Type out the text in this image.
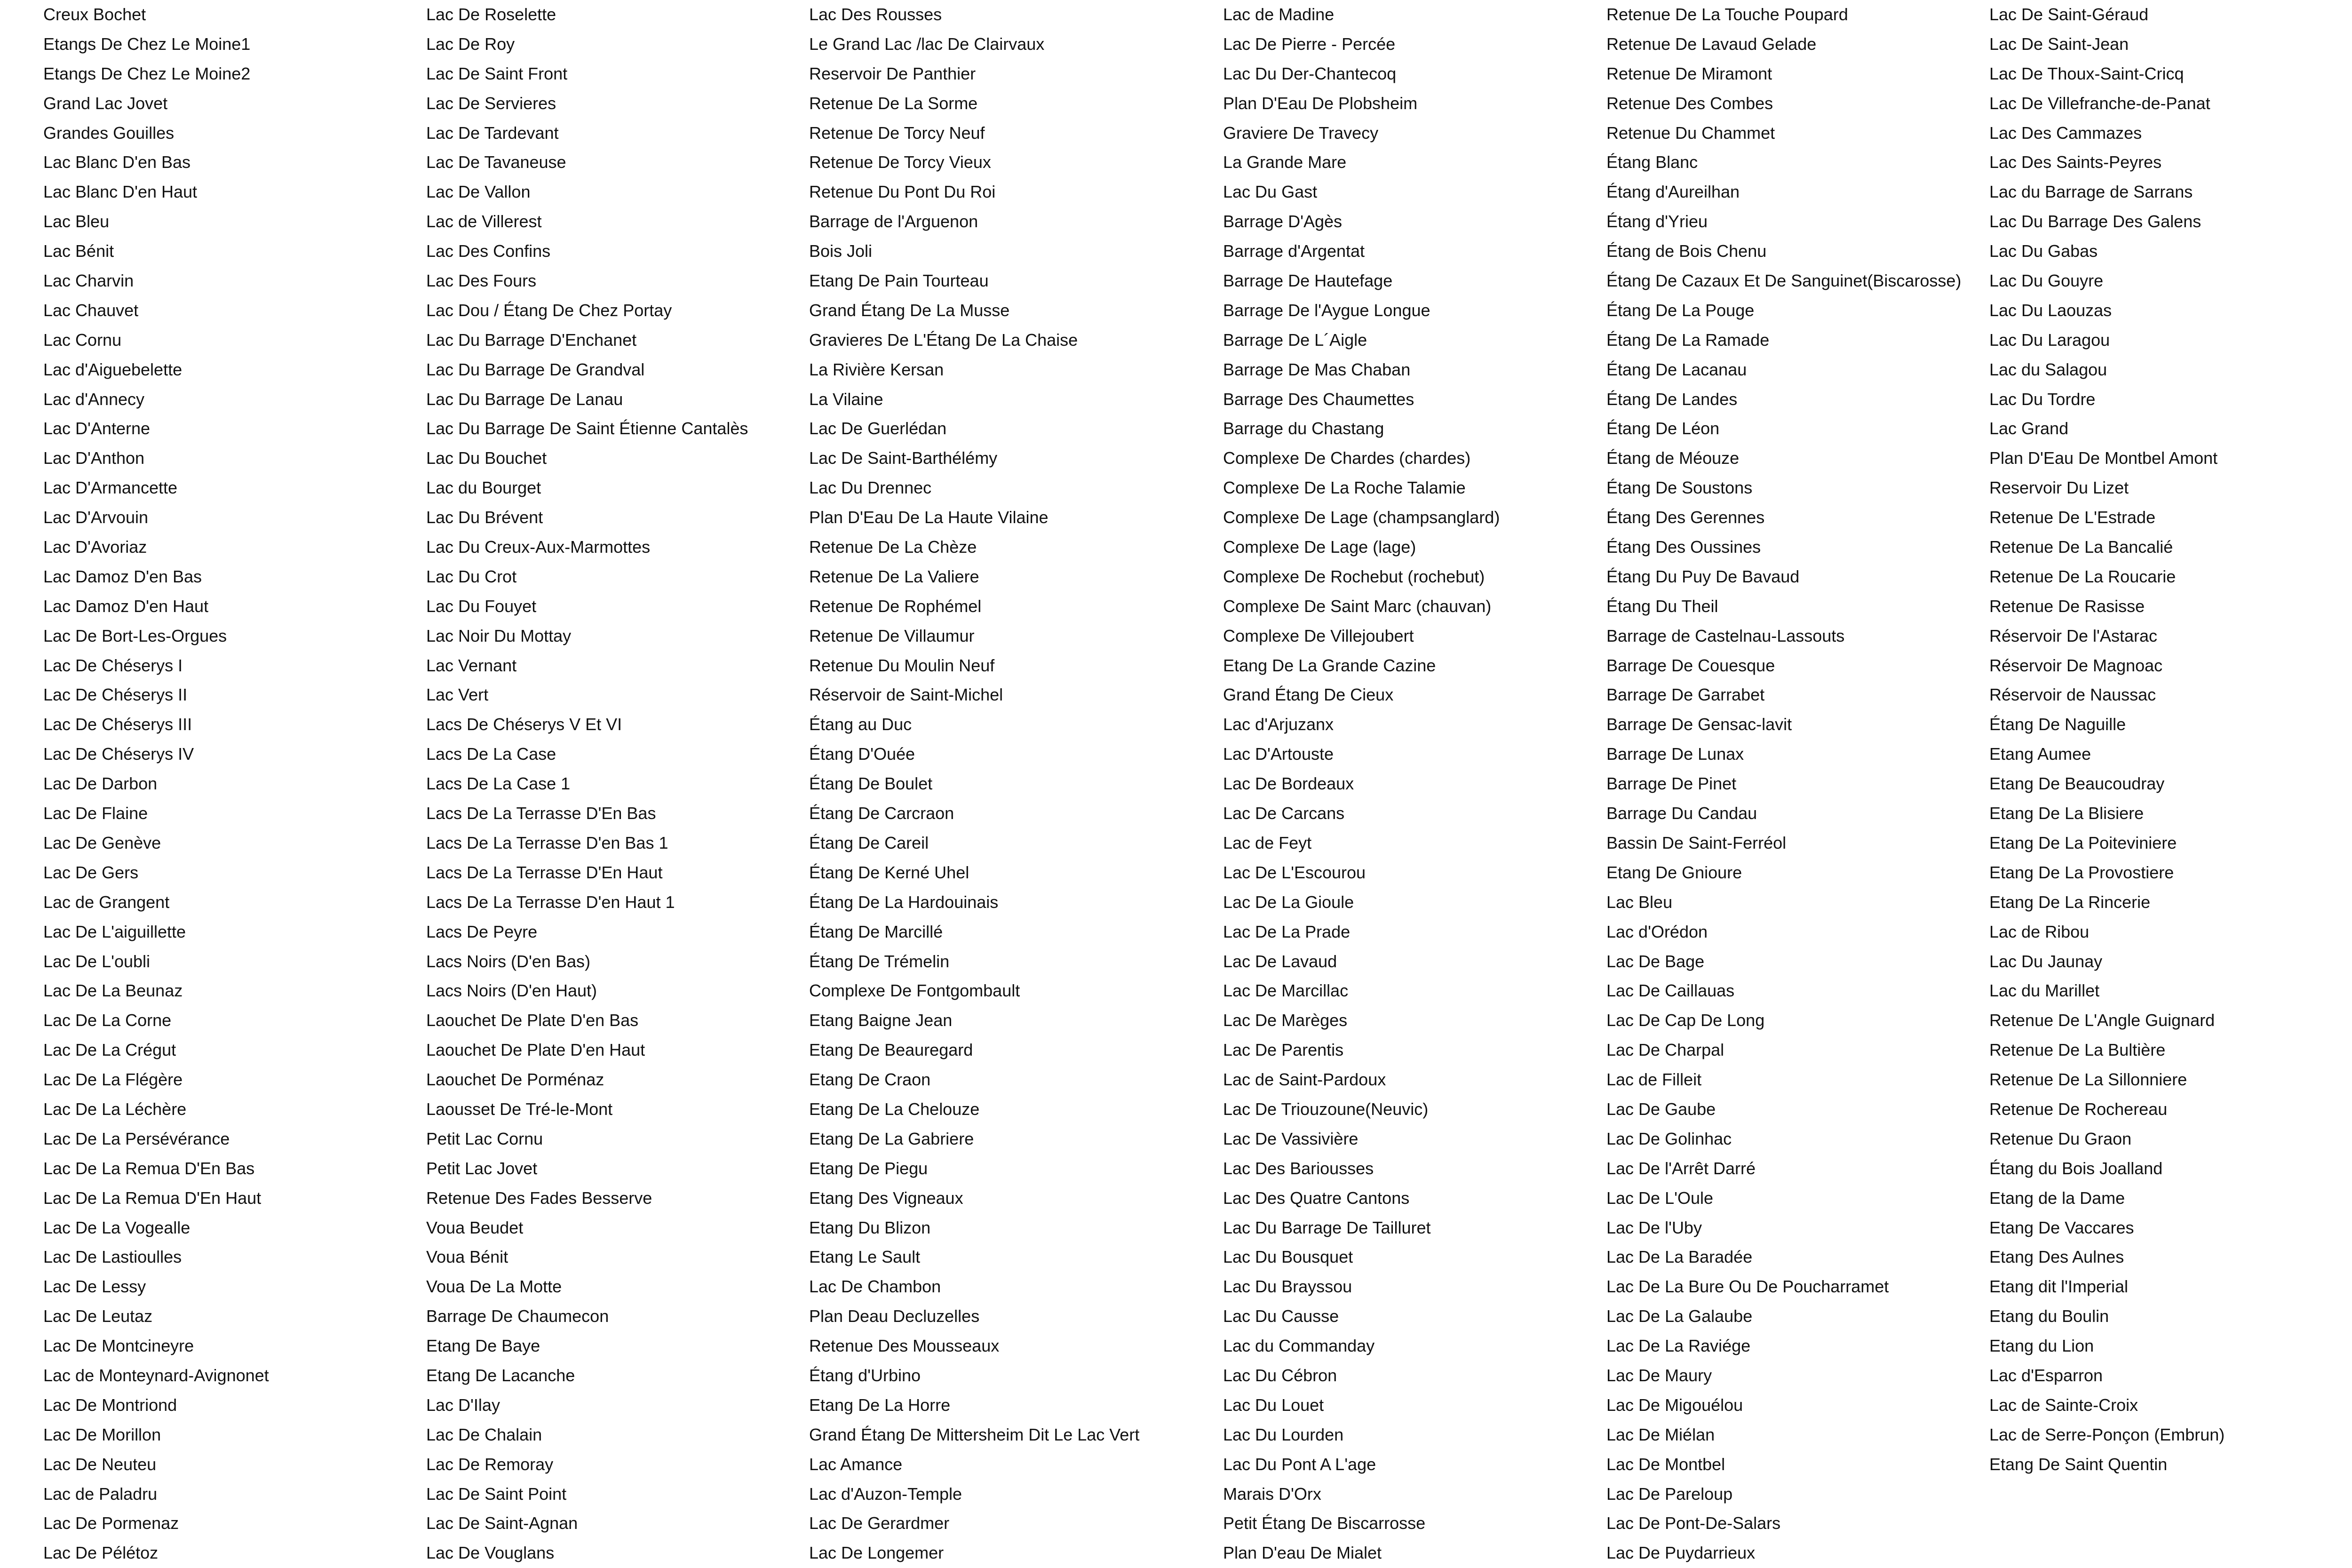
Creux Bochet
Etangs De Chez Le Moine1
Etangs De Chez Le Moine2
Grand Lac Jovet
Grandes Gouilles
Lac Blanc D'en Bas
Lac Blanc D'en Haut
Lac Bleu
Lac Bénit
Lac Charvin
Lac Chauvet
Lac Cornu
Lac d'Aiguebelette
Lac d'Annecy
Lac D'Anterne
Lac D'Anthon
Lac D'Armancette
Lac D'Arvouin
Lac D'Avoriaz
Lac Damoz D'en Bas
Lac Damoz D'en Haut
Lac De Bort-Les-Orgues
Lac De Chéserys I
Lac De Chéserys II
Lac De Chéserys III
Lac De Chéserys IV
Lac De Darbon
Lac De Flaine
Lac De Genève
Lac De Gers
Lac de Grangent
Lac De L'aiguillette
Lac De L'oubli
Lac De La Beunaz
Lac De La Corne
Lac De La Crégut
Lac De La Flégère
Lac De La Léchère
Lac De La Persévérance
Lac De La Remua D'En Bas
Lac De La Remua D'En Haut
Lac De La Vogealle
Lac De Lastioulles
Lac De Lessy
Lac De Leutaz
Lac De Montcineyre
Lac de Monteynard-Avignonet
Lac De Montriond
Lac De Morillon
Lac De Neuteu
Lac de Paladru
Lac De Pormenaz
Lac De Pélétoz
Lac De Roselette
Lac De Roy
Lac De Saint Front
Lac De Servieres
Lac De Tardevant
Lac De Tavaneuse
Lac De Vallon
Lac de Villerest
Lac Des Confins
Lac Des Fours
Lac Dou / Étang De Chez Portay
Lac Du Barrage D'Enchanet
Lac Du Barrage De Grandval
Lac Du Barrage De Lanau
Lac Du Barrage De Saint Étienne Cantalès
Lac Du Bouchet
Lac du Bourget
Lac Du Brévent
Lac Du Creux-Aux-Marmottes
Lac Du Crot
Lac Du Fouyet
Lac Noir Du Mottay
Lac Vernant
Lac Vert
Lacs De Chéserys V Et VI
Lacs De La Case
Lacs De La Case 1
Lacs De La Terrasse D'En Bas
Lacs De La Terrasse D'en Bas 1
Lacs De La Terrasse D'En Haut
Lacs De La Terrasse D'en Haut 1
Lacs De Peyre
Lacs Noirs (D'en Bas)
Lacs Noirs (D'en Haut)
Laouchet De Plate D'en Bas
Laouchet De Plate D'en Haut
Laouchet De Porménaz
Laousset De Tré-le-Mont
Petit Lac Cornu
Petit Lac Jovet
Retenue Des Fades Besserve
Voua Beudet
Voua Bénit
Voua De La Motte
Barrage De Chaumecon
Etang De Baye
Etang De Lacanche
Lac D'Ilay
Lac De Chalain
Lac De Remoray
Lac De Saint Point
Lac De Saint-Agnan
Lac De Vouglans
Lac Des Rousses
Le Grand Lac /lac De Clairvaux
Reservoir De Panthier
Retenue De La Sorme
Retenue De Torcy Neuf
Retenue De Torcy Vieux
Retenue Du Pont Du Roi
Barrage de l'Arguenon
Bois Joli
Etang De Pain Tourteau
Grand Étang De La Musse
Gravieres De L'Étang De La Chaise
La Rivière Kersan
La Vilaine
Lac De Guerlédan
Lac De Saint-Barthélémy
Lac Du Drennec
Plan D'Eau De La Haute Vilaine
Retenue De La Chèze
Retenue De La Valiere
Retenue De Rophémel
Retenue De Villaumur
Retenue Du Moulin Neuf
Réservoir de Saint-Michel
Étang au Duc
Étang D'Ouée
Étang De Boulet
Étang De Carcraon
Étang De Careil
Étang De Kerné Uhel
Étang De La Hardouinais
Étang De Marcillé
Étang De Trémelin
Complexe De Fontgombault
Etang Baigne Jean
Etang De Beauregard
Etang De Craon
Etang De La Chelouze
Etang De La Gabriere
Etang De Piegu
Etang Des Vigneaux
Etang Du Blizon
Etang Le Sault
Lac De Chambon
Plan Deau Decluzelles
Retenue Des Mousseaux
Étang d'Urbino
Etang De La Horre
Grand Étang De Mittersheim Dit Le Lac Vert
Lac Amance
Lac d'Auzon-Temple
Lac De Gerardmer
Lac De Longemer
Lac de Madine
Lac De Pierre - Percée
Lac Du Der-Chantecoq
Plan D'Eau De Plobsheim
Graviere De Travecy
La Grande Mare
Lac Du Gast
Barrage D'Agès
Barrage d'Argentat
Barrage De Hautefage
Barrage De l'Aygue Longue
Barrage De L´Aigle
Barrage De Mas Chaban
Barrage Des Chaumettes
Barrage du Chastang
Complexe De Chardes (chardes)
Complexe De La Roche Talamie
Complexe De Lage (champsanglard)
Complexe De Lage (lage)
Complexe De Rochebut (rochebut)
Complexe De Saint Marc (chauvan)
Complexe De Villejoubert
Etang De La Grande Cazine
Grand Étang De Cieux
Lac d'Arjuzanx
Lac D'Artouste
Lac De Bordeaux
Lac De Carcans
Lac de Feyt
Lac De L'Escourou
Lac De La Gioule
Lac De La Prade
Lac De Lavaud
Lac De Marcillac
Lac De Marèges
Lac De Parentis
Lac de Saint-Pardoux
Lac De Triouzoune(Neuvic)
Lac De Vassivière
Lac Des Bariousses
Lac Des Quatre Cantons
Lac Du Barrage De Tailluret
Lac Du Bousquet
Lac Du Brayssou
Lac Du Causse
Lac du Commanday
Lac Du Cébron
Lac Du Louet
Lac Du Lourden
Lac Du Pont A L'age
Marais D'Orx
Petit Étang De Biscarrosse
Plan D'eau De Mialet
Retenue De La Touche Poupard
Retenue De Lavaud Gelade
Retenue De Miramont
Retenue Des Combes
Retenue Du Chammet
Étang Blanc
Étang d'Aureilhan
Étang d'Yrieu
Étang de Bois Chenu
Étang De Cazaux Et De Sanguinet(Biscarosse)
Étang De La Pouge
Étang De La Ramade
Étang De Lacanau
Étang De Landes
Étang De Léon
Étang de Méouze
Étang De Soustons
Étang Des Gerennes
Étang Des Oussines
Étang Du Puy De Bavaud
Étang Du Theil
Barrage de Castelnau-Lassouts
Barrage De Couesque
Barrage De Garrabet
Barrage De Gensac-lavit
Barrage De Lunax
Barrage De Pinet
Barrage Du Candau
Bassin De Saint-Ferréol
Etang De Gnioure
Lac Bleu
Lac d'Orédon
Lac De Bage
Lac De Caillauas
Lac De Cap De Long
Lac De Charpal
Lac de Filleit
Lac De Gaube
Lac De Golinhac
Lac De l'Arrêt Darré
Lac De L'Oule
Lac De l'Uby
Lac De La Baradée
Lac De La Bure Ou De Poucharramet
Lac De La Galaube
Lac De La Raviége
Lac De Maury
Lac De Migouélou
Lac De Miélan
Lac De Montbel
Lac De Pareloup
Lac De Pont-De-Salars
Lac De Puydarrieux
Lac De Saint-Géraud
Lac De Saint-Jean
Lac De Thoux-Saint-Cricq
Lac De Villefranche-de-Panat
Lac Des Cammazes
Lac Des Saints-Peyres
Lac du Barrage de Sarrans
Lac Du Barrage Des Galens
Lac Du Gabas
Lac Du Gouyre
Lac Du Laouzas
Lac Du Laragou
Lac du Salagou
Lac Du Tordre
Lac Grand
Plan D'Eau De Montbel Amont
Reservoir Du Lizet
Retenue De L'Estrade
Retenue De La Bancalié
Retenue De La Roucarie
Retenue De Rasisse
Réservoir De l'Astarac
Réservoir De Magnoac
Réservoir de Naussac
Étang De Naguille
Etang Aumee
Etang De Beaucoudray
Etang De La Blisiere
Etang De La Poiteviniere
Etang De La Provostiere
Etang De La Rincerie
Lac de Ribou
Lac Du Jaunay
Lac du Marillet
Retenue De L'Angle Guignard
Retenue De La Bultière
Retenue De La Sillonniere
Retenue De Rochereau
Retenue Du Graon
Étang du Bois Joalland
Etang de la Dame
Etang De Vaccares
Etang Des Aulnes
Etang dit l'Imperial
Etang du Boulin
Etang du Lion
Lac d'Esparron
Lac de Sainte-Croix
Lac de Serre-Ponçon (Embrun)
Etang De Saint Quentin
